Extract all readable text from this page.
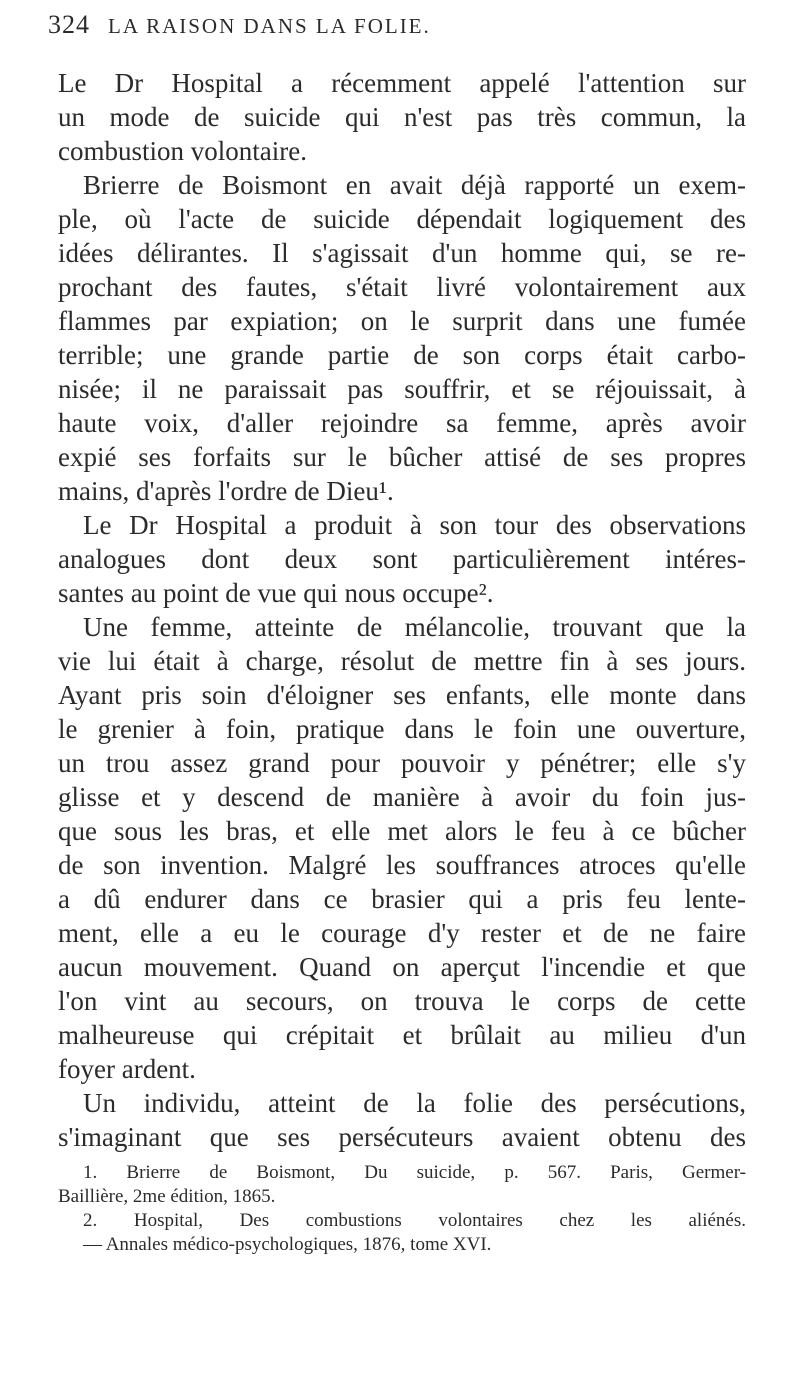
324 LA RAISON DANS LA FOLIE.
Le Dr Hospital a récemment appelé l'attention sur
un mode de suicide qui n'est pas très commun, la
combustion volontaire.
Brierre de Boismont en avait déjà rapporté un exem-
ple, où l'acte de suicide dépendait logiquement des
idées délirantes. Il s'agissait d'un homme qui, se re-
prochant des fautes, s'était livré volontairement aux
flammes par expiation; on le surprit dans une fumée
terrible; une grande partie de son corps était carbo-
nisée; il ne paraissait pas souffrir, et se réjouissait, à
haute voix, d'aller rejoindre sa femme, après avoir
expié ses forfaits sur le bûcher attisé de ses propres
mains, d'après l'ordre de Dieu¹.
Le Dr Hospital a produit à son tour des observations
analogues dont deux sont particulièrement intéres-
santes au point de vue qui nous occupe².
Une femme, atteinte de mélancolie, trouvant que la
vie lui était à charge, résolut de mettre fin à ses jours.
Ayant pris soin d'éloigner ses enfants, elle monte dans
le grenier à foin, pratique dans le foin une ouverture,
un trou assez grand pour pouvoir y pénétrer; elle s'y
glisse et y descend de manière à avoir du foin jus-
que sous les bras, et elle met alors le feu à ce bûcher
de son invention. Malgré les souffrances atroces qu'elle
a dû endurer dans ce brasier qui a pris feu lente-
ment, elle a eu le courage d'y rester et de ne faire
aucun mouvement. Quand on aperçut l'incendie et que
l'on vint au secours, on trouva le corps de cette
malheureuse qui crépitait et brûlait au milieu d'un
foyer ardent.
Un individu, atteint de la folie des persécutions,
s'imaginant que ses persécuteurs avaient obtenu des
1. Brierre de Boismont, Du suicide, p. 567. Paris, Germer-
Baillière, 2me édition, 1865.
2. Hospital, Des combustions volontaires chez les aliénés.
— Annales médico-psychologiques, 1876, tome XVI.
